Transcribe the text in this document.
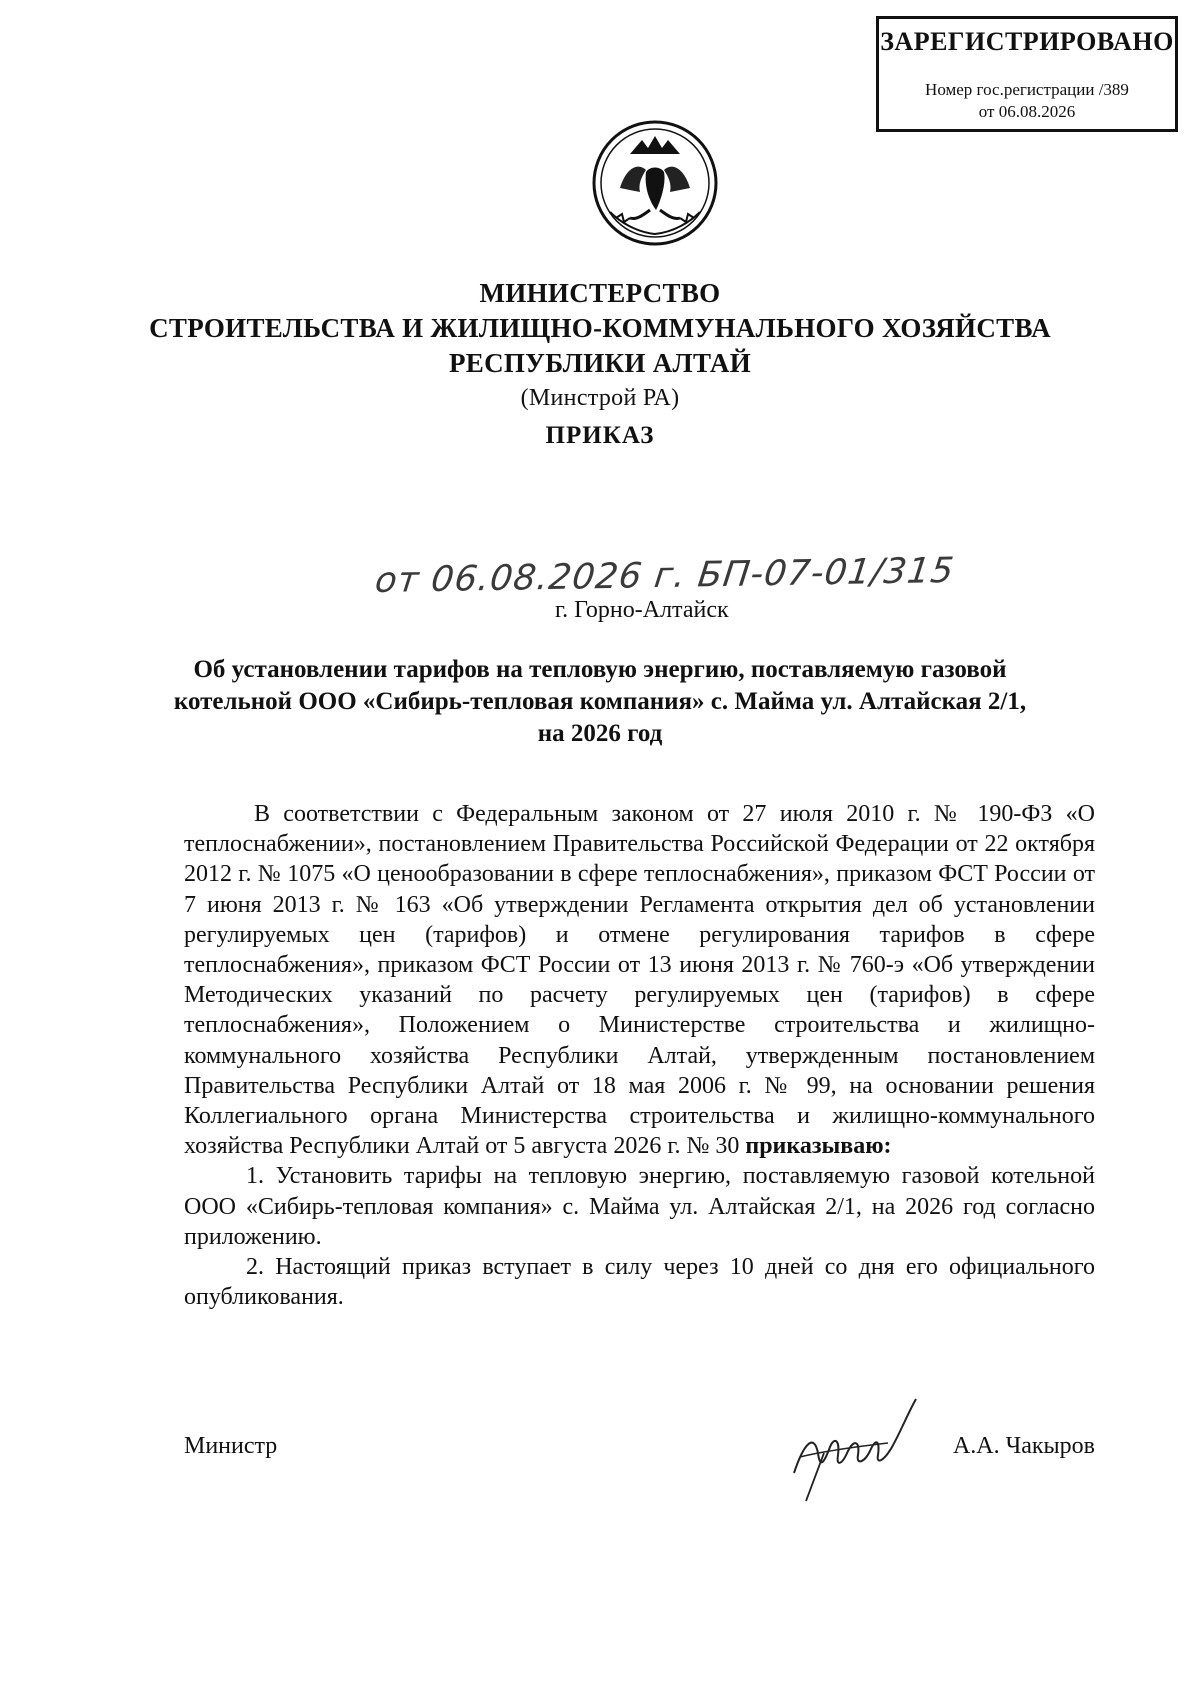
ЗАРЕГИСТРИРОВАНО
Номер гос.регистрации /389
от 06.08.2026
МИНИСТЕРСТВО
СТРОИТЕЛЬСТВА И ЖИЛИЩНО-КОММУНАЛЬНОГО ХОЗЯЙСТВА
РЕСПУБЛИКИ АЛТАЙ
(Минстрой РА)
ПРИКАЗ
от 06.08.2026 г. БП-07-01/315
г. Горно-Алтайск
Об установлении тарифов на тепловую энергию, поставляемую газовой
котельной ООО «Сибирь-тепловая компания» с. Майма ул. Алтайская 2/1,
на 2026 год

В соответствии с Федеральным законом от 27 июля 2010 г. № 190-ФЗ «О теплоснабжении», постановлением Правительства Российской Федерации от 22 октября 2012 г. № 1075 «О ценообразовании в сфере теплоснабжения», приказом ФСТ России от 7 июня 2013 г. № 163 «Об утверждении Регламента открытия дел об установлении регулируемых цен (тарифов) и отмене регулирования тарифов в сфере теплоснабжения», приказом ФСТ России от 13 июня 2013 г. № 760-э «Об утверждении Методических указаний по расчету регулируемых цен (тарифов) в сфере теплоснабжения», Положением о Министерстве строительства и жилищно-коммунального хозяйства Республики Алтай, утвержденным постановлением Правительства Республики Алтай от 18 мая 2006 г. № 99, на основании решения Коллегиального органа Министерства строительства и жилищно-коммунального хозяйства Республики Алтай от 5 августа 2026 г. № 30 приказываю:

1. Установить тарифы на тепловую энергию, поставляемую газовой котельной ООО «Сибирь-тепловая компания» с. Майма ул. Алтайская 2/1, на 2026 год согласно приложению.

2. Настоящий приказ вступает в силу через 10 дней со дня его официального опубликования.

Министр	А.А. Чакыров
